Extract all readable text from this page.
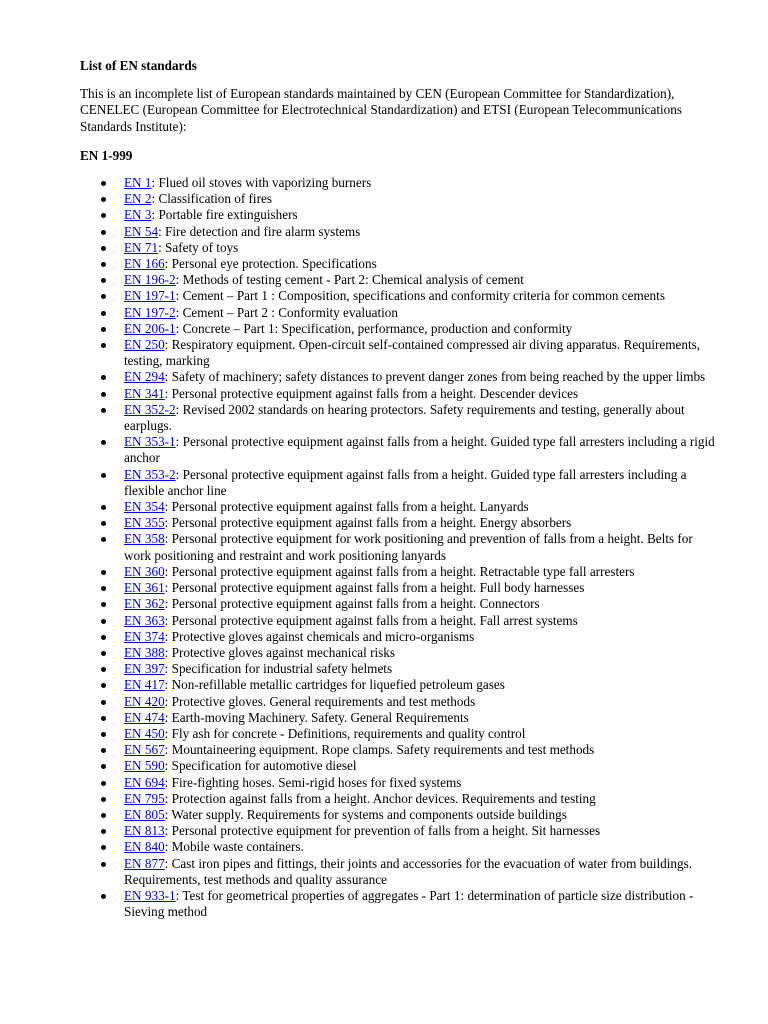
List of EN standards

This is an incomplete list of European standards maintained by CEN (European Committee for Standardization), CENELEC (European Committee for Electrotechnical Standardization) and ETSI (European Telecommunications Standards Institute):

EN 1-999

EN 1: Flued oil stoves with vaporizing burners
EN 2: Classification of fires
EN 3: Portable fire extinguishers
EN 54: Fire detection and fire alarm systems
EN 71: Safety of toys
EN 166: Personal eye protection. Specifications
EN 196-2: Methods of testing cement - Part 2: Chemical analysis of cement
EN 197-1: Cement – Part 1 : Composition, specifications and conformity criteria for common cements
EN 197-2: Cement – Part 2 : Conformity evaluation
EN 206-1: Concrete – Part 1: Specification, performance, production and conformity
EN 250: Respiratory equipment. Open-circuit self-contained compressed air diving apparatus. Requirements, testing, marking
EN 294: Safety of machinery; safety distances to prevent danger zones from being reached by the upper limbs
EN 341: Personal protective equipment against falls from a height. Descender devices
EN 352-2: Revised 2002 standards on hearing protectors. Safety requirements and testing, generally about earplugs.
EN 353-1: Personal protective equipment against falls from a height. Guided type fall arresters including a rigid anchor
EN 353-2: Personal protective equipment against falls from a height. Guided type fall arresters including a flexible anchor line
EN 354: Personal protective equipment against falls from a height. Lanyards
EN 355: Personal protective equipment against falls from a height. Energy absorbers
EN 358: Personal protective equipment for work positioning and prevention of falls from a height. Belts for work positioning and restraint and work positioning lanyards
EN 360: Personal protective equipment against falls from a height. Retractable type fall arresters
EN 361: Personal protective equipment against falls from a height. Full body harnesses
EN 362: Personal protective equipment against falls from a height. Connectors
EN 363: Personal protective equipment against falls from a height. Fall arrest systems
EN 374: Protective gloves against chemicals and micro-organisms
EN 388: Protective gloves against mechanical risks
EN 397: Specification for industrial safety helmets
EN 417: Non-refillable metallic cartridges for liquefied petroleum gases
EN 420: Protective gloves. General requirements and test methods
EN 474: Earth-moving Machinery. Safety. General Requirements
EN 450: Fly ash for concrete - Definitions, requirements and quality control
EN 567: Mountaineering equipment. Rope clamps. Safety requirements and test methods
EN 590: Specification for automotive diesel
EN 694: Fire-fighting hoses. Semi-rigid hoses for fixed systems
EN 795: Protection against falls from a height. Anchor devices. Requirements and testing
EN 805: Water supply. Requirements for systems and components outside buildings
EN 813: Personal protective equipment for prevention of falls from a height. Sit harnesses
EN 840: Mobile waste containers.
EN 877: Cast iron pipes and fittings, their joints and accessories for the evacuation of water from buildings. Requirements, test methods and quality assurance
EN 933-1: Test for geometrical properties of aggregates - Part 1: determination of particle size distribution - Sieving method
